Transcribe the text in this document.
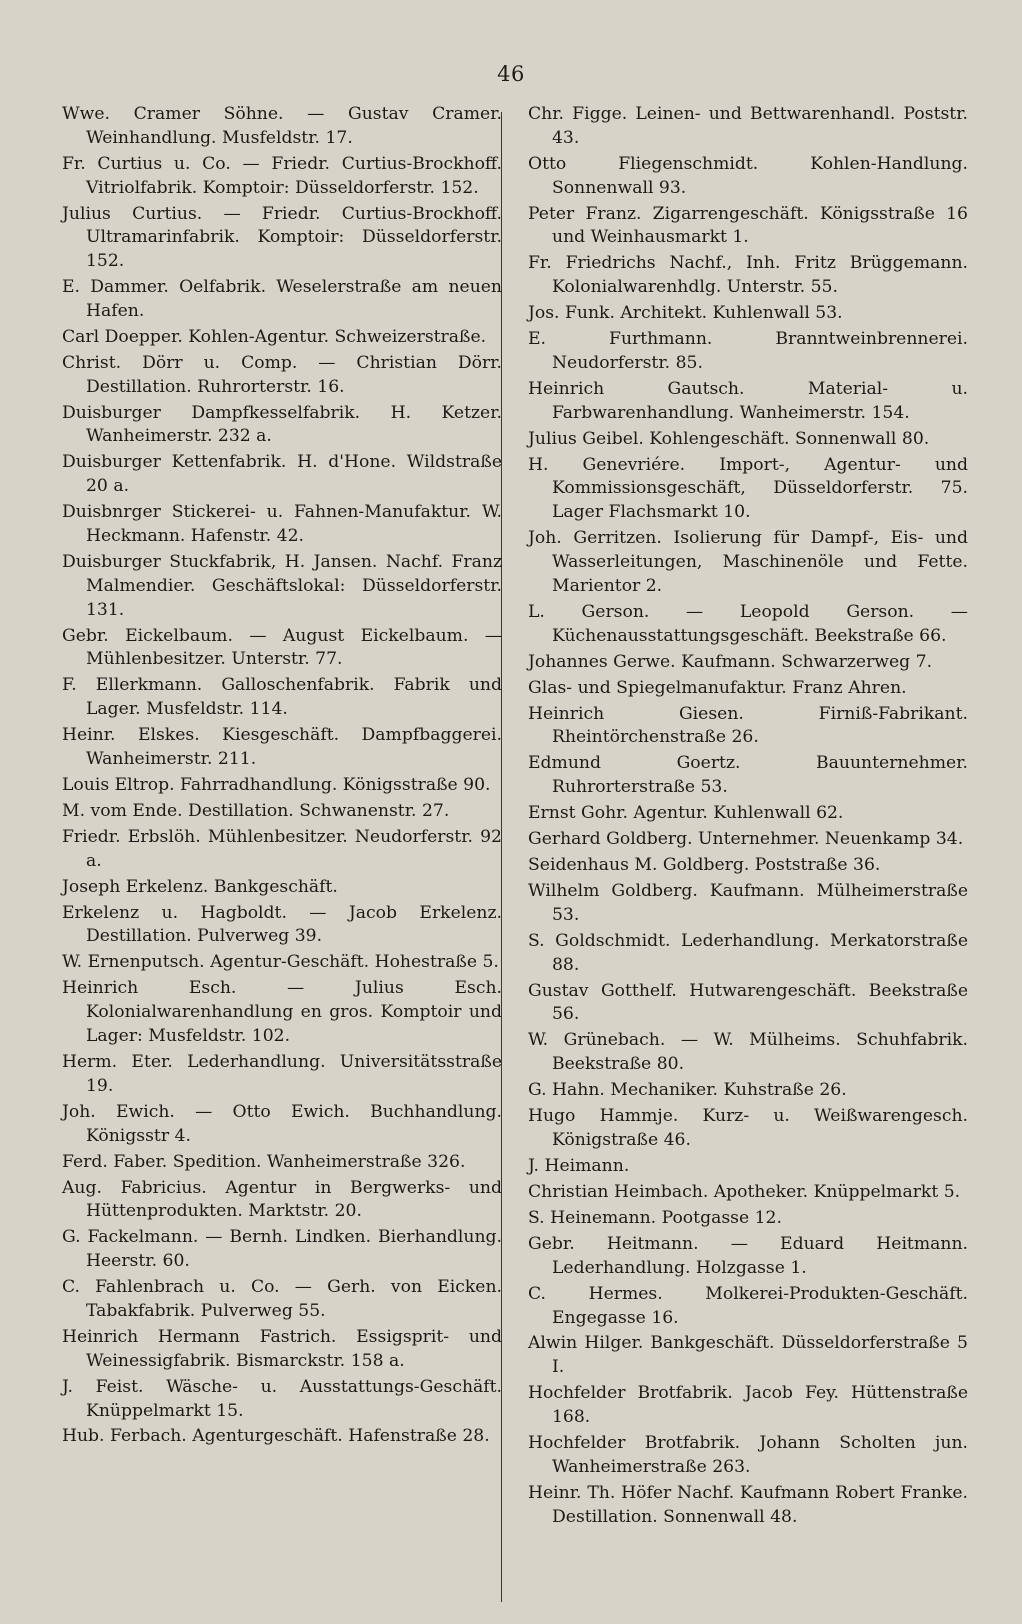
46
Wwe. Cramer Söhne. — Gustav Cramer. Weinhandlung. Musfeldstr. 17.
Fr. Curtius u. Co. — Friedr. Curtius-Brockhoff. Vitriolfabrik. Komptoir: Düsseldorferstr. 152.
Julius Curtius. — Friedr. Curtius-Brockhoff. Ultramarinfabrik. Komptoir: Düsseldorferstr. 152.
E. Dammer. Oelfabrik. Weselerstraße am neuen Hafen.
Carl Doepper. Kohlen-Agentur. Schweizerstraße.
Christ. Dörr u. Comp. — Christian Dörr. Destillation. Ruhrorterstr. 16.
Duisburger Dampfkesselfabrik. H. Ketzer. Wanheimerstr. 232 a.
Duisburger Kettenfabrik. H. d'Hone. Wildstraße 20 a.
Duisbnrger Stickerei- u. Fahnen-Manufaktur. W. Heckmann. Hafenstr. 42.
Duisburger Stuckfabrik, H. Jansen. Nachf. Franz Malmendier. Geschäftslokal: Düsseldorferstr. 131.
Gebr. Eickelbaum. — August Eickelbaum. — Mühlenbesitzer. Unterstr. 77.
F. Ellerkmann. Galloschenfabrik. Fabrik und Lager. Musfeldstr. 114.
Heinr. Elskes. Kiesgeschäft. Dampfbaggerei. Wanheimerstr. 211.
Louis Eltrop. Fahrradhandlung. Königsstraße 90.
M. vom Ende. Destillation. Schwanenstr. 27.
Friedr. Erbslöh. Mühlenbesitzer. Neudorferstr. 92 a.
Joseph Erkelenz. Bankgeschäft.
Erkelenz u. Hagboldt. — Jacob Erkelenz. Destillation. Pulverweg 39.
W. Ernenputsch. Agentur-Geschäft. Hohestraße 5.
Heinrich Esch. — Julius Esch. Kolonialwarenhandlung en gros. Komptoir und Lager: Musfeldstr. 102.
Herm. Eter. Lederhandlung. Universitätsstraße 19.
Joh. Ewich. — Otto Ewich. Buchhandlung. Königsstr 4.
Ferd. Faber. Spedition. Wanheimerstraße 326.
Aug. Fabricius. Agentur in Bergwerks- und Hüttenprodukten. Marktstr. 20.
G. Fackelmann. — Bernh. Lindken. Bierhandlung. Heerstr. 60.
C. Fahlenbrach u. Co. — Gerh. von Eicken. Tabakfabrik. Pulverweg 55.
Heinrich Hermann Fastrich. Essigsprit- und Weinessigfabrik. Bismarckstr. 158 a.
J. Feist. Wäsche- u. Ausstattungs-Geschäft. Knüppelmarkt 15.
Hub. Ferbach. Agenturgeschäft. Hafenstraße 28.
Chr. Figge. Leinen- und Bettwarenhandl. Poststr. 43.
Otto Fliegenschmidt. Kohlen-Handlung. Sonnenwall 93.
Peter Franz. Zigarrengeschäft. Königsstraße 16 und Weinhausmarkt 1.
Fr. Friedrichs Nachf., Inh. Fritz Brüggemann. Kolonialwarenhdlg. Unterstr. 55.
Jos. Funk. Architekt. Kuhlenwall 53.
E. Furthmann. Branntweinbrennerei. Neudorferstr. 85.
Heinrich Gautsch. Material- u. Farbwarenhandlung. Wanheimerstr. 154.
Julius Geibel. Kohlengeschäft. Sonnenwall 80.
H. Genevriére. Import-, Agentur- und Kommissionsgeschäft, Düsseldorferstr. 75. Lager Flachsmarkt 10.
Joh. Gerritzen. Isolierung für Dampf-, Eis- und Wasserleitungen, Maschinenöle und Fette. Marientor 2.
L. Gerson. — Leopold Gerson. — Küchenausstattungsgeschäft. Beekstraße 66.
Johannes Gerwe. Kaufmann. Schwarzerweg 7.
Glas- und Spiegelmanufaktur. Franz Ahren.
Heinrich Giesen. Firniß-Fabrikant. Rheintörchenstraße 26.
Edmund Goertz. Bauunternehmer. Ruhrorterstraße 53.
Ernst Gohr. Agentur. Kuhlenwall 62.
Gerhard Goldberg. Unternehmer. Neuenkamp 34.
Seidenhaus M. Goldberg. Poststraße 36.
Wilhelm Goldberg. Kaufmann. Mülheimerstraße 53.
S. Goldschmidt. Lederhandlung. Merkatorstraße 88.
Gustav Gotthelf. Hutwarengeschäft. Beekstraße 56.
W. Grünebach. — W. Mülheims. Schuhfabrik. Beekstraße 80.
G. Hahn. Mechaniker. Kuhstraße 26.
Hugo Hammje. Kurz- u. Weißwarengesch. Königstraße 46.
J. Heimann.
Christian Heimbach. Apotheker. Knüppelmarkt 5.
S. Heinemann. Pootgasse 12.
Gebr. Heitmann. — Eduard Heitmann. Lederhandlung. Holzgasse 1.
C. Hermes. Molkerei-Produkten-Geschäft. Engegasse 16.
Alwin Hilger. Bankgeschäft. Düsseldorferstraße 5 I.
Hochfelder Brotfabrik. Jacob Fey. Hüttenstraße 168.
Hochfelder Brotfabrik. Johann Scholten jun. Wanheimerstraße 263.
Heinr. Th. Höfer Nachf. Kaufmann Robert Franke. Destillation. Sonnenwall 48.
